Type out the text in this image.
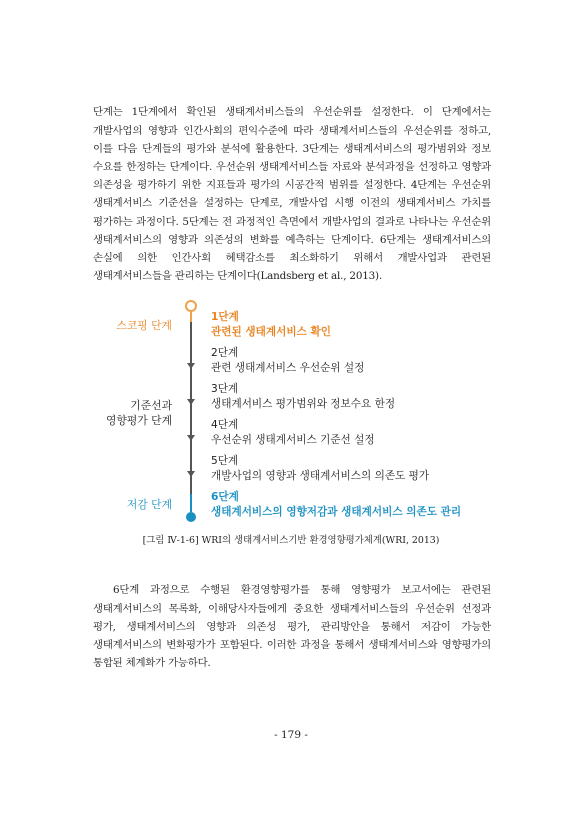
단계는 1단계에서 확인된 생태계서비스들의 우선순위를 설정한다. 이 단계에서는 개발사업의 영향과 인간사회의 편익수준에 따라 생태계서비스들의 우선순위를 정하고, 이를 다음 단계들의 평가와 분석에 활용한다. 3단계는 생태계서비스의 평가범위와 정보 수요를 한정하는 단계이다. 우선순위 생태계서비스들 자료와 분석과정을 선정하고 영향과 의존성을 평가하기 위한 지표들과 평가의 시공간적 범위를 설정한다. 4단계는 우선순위 생태계서비스 기준선을 설정하는 단계로, 개발사업 시행 이전의 생태계서비스 가치를 평가하는 과정이다. 5단계는 전 과정적인 측면에서 개발사업의 결과로 나타나는 우선순위 생태계서비스의 영향과 의존성의 변화를 예측하는 단계이다. 6단계는 생태계서비스의 손실에 의한 인간사회 혜택감소를 최소화하기 위해서 개발사업과 관련된 생태계서비스들을 관리하는 단계이다(Landsberg et al., 2013).

스코핑 단계
기준선과
영향평가 단계
저감 단계
1단계
관련된 생태계서비스 확인
2단계
관련 생태계서비스 우선순위 설정
3단계
생태계서비스 평가범위와 정보수요 한정
4단계
우선순위 생태계서비스 기준선 설정
5단계
개발사업의 영향과 생태계서비스의 의존도 평가
6단계
생태계서비스의 영향저감과 생태계서비스 의존도 관리
[그림 Ⅳ-1-6] WRI의 생태계서비스기반 환경영향평가체계(WRI, 2013)

6단계 과정으로 수행된 환경영향평가를 통해 영향평가 보고서에는 관련된 생태계서비스의 목록화, 이해당사자들에게 중요한 생태계서비스들의 우선순위 선정과 평가, 생태계서비스의 영향과 의존성 평가, 관리방안을 통해서 저감이 가능한 생태계서비스의 변화평가가 포함된다. 이러한 과정을 통해서 생태계서비스와 영향평가의 통합된 체계화가 가능하다.

- 179 -
